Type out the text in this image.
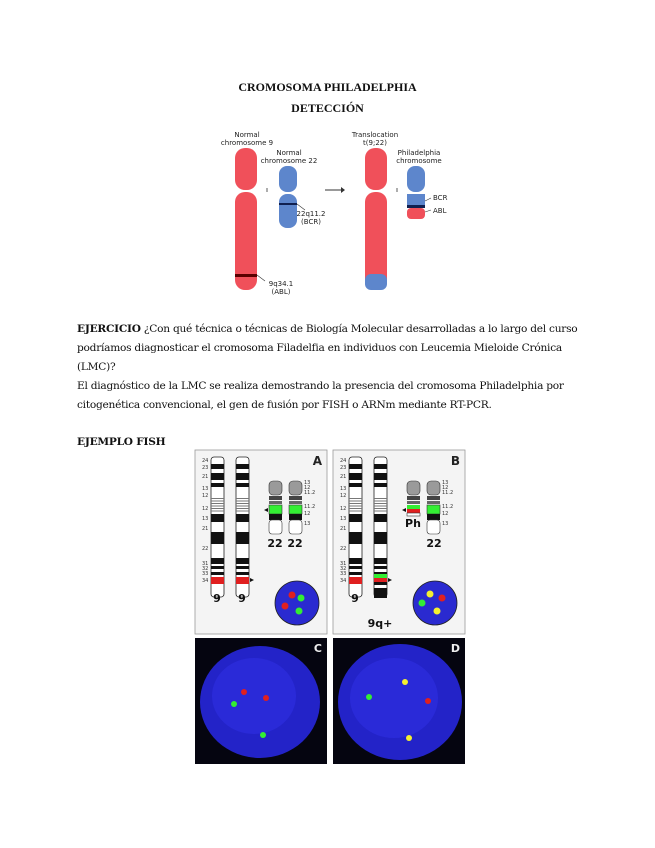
CROMOSOMA PHILADELPHIA
DETECCIÓN
Normal chromosome 9
Normal chromosome 22
Translocation t(9;22)
Philadelphia chromosome
22q11.2 (BCR)
9q34.1 (ABL)
BCR
ABL
EJERCICIO ¿Con qué técnica o técnicas de Biología Molecular desarrolladas a lo largo del curso podríamos diagnosticar el cromosoma Filadelfia en individuos con Leucemia Mieloide Crónica (LMC)?
El diagnóstico de la LMC se realiza demostrando la presencia del cromosoma Philadelphia por citogenética convencional, el gen de fusión por FISH o ARNm mediante RT-PCR.
EJEMPLO FISH
A
24
23
21
13
12
12
13
21
22
31
32
33
34
13
12
11.2
11.2
12
13
9 9
22 22
B
24
23
21
13
12
12
13
21
22
31
32
33
34
13
12
11.2
11.2
12
13
9
9q+
Ph
22
C	D
